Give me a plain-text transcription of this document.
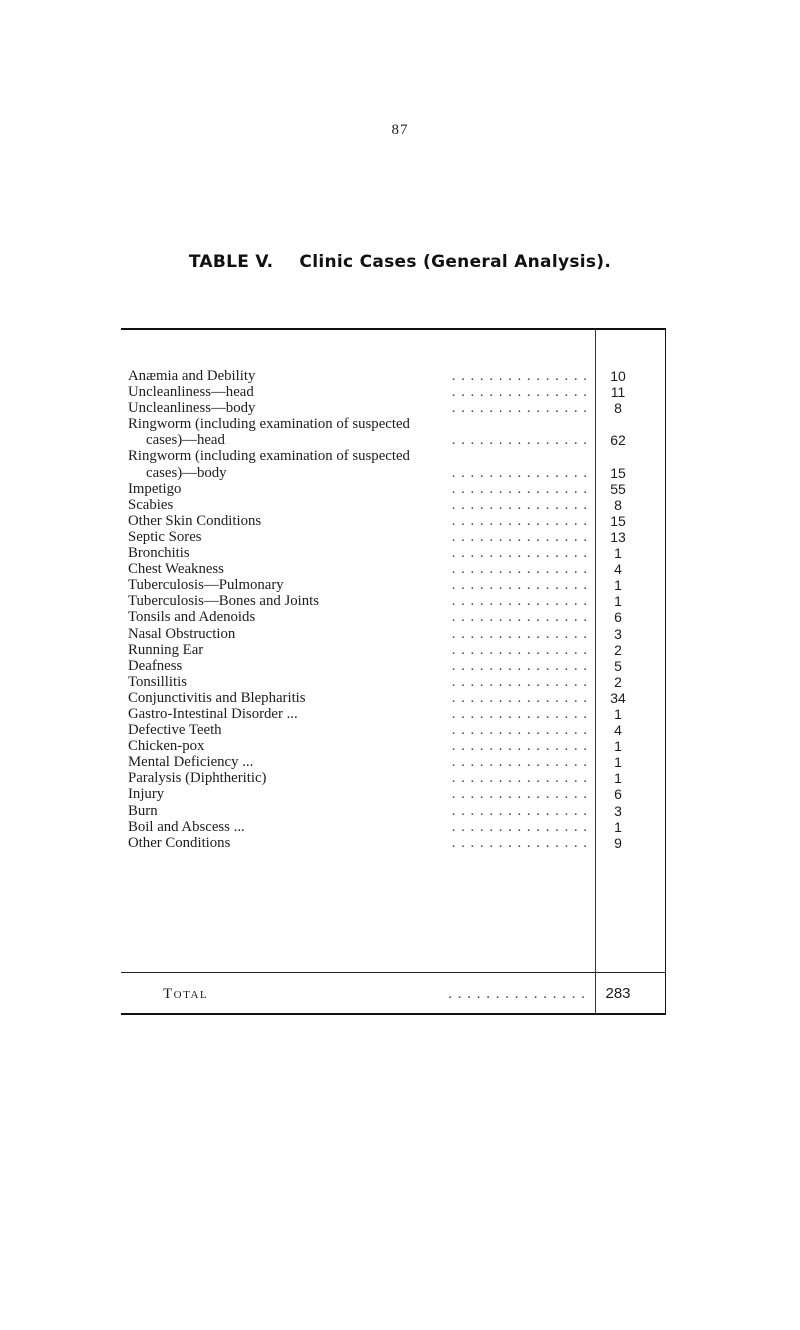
87
TABLE V. Clinic Cases (General Analysis).
Anæmia and Debility	. . . . . . . . . . . . . . .	10
Uncleanliness—head	. . . . . . . . . . . . . . .	11
Uncleanliness—body	. . . . . . . . . . . . . . .	8
Ringworm (including examination of suspected
cases)—head	. . . . . . . . . . . . . . .	62
Ringworm (including examination of suspected
cases)—body	. . . . . . . . . . . . . . .	15
Impetigo	. . . . . . . . . . . . . . .	55
Scabies	. . . . . . . . . . . . . . .	8
Other Skin Conditions	. . . . . . . . . . . . . . .	15
Septic Sores	. . . . . . . . . . . . . . .	13
Bronchitis	. . . . . . . . . . . . . . .	1
Chest Weakness	. . . . . . . . . . . . . . .	4
Tuberculosis—Pulmonary	. . . . . . . . . . . . . . .	1
Tuberculosis—Bones and Joints	. . . . . . . . . . . . . . .	1
Tonsils and Adenoids	. . . . . . . . . . . . . . .	6
Nasal Obstruction	. . . . . . . . . . . . . . .	3
Running Ear	. . . . . . . . . . . . . . .	2
Deafness	. . . . . . . . . . . . . . .	5
Tonsillitis	. . . . . . . . . . . . . . .	2
Conjunctivitis and Blepharitis	. . . . . . . . . . . . . . .	34
Gastro-Intestinal Disorder ...	. . . . . . . . . . . . . . .	1
Defective Teeth	. . . . . . . . . . . . . . .	4
Chicken-pox	. . . . . . . . . . . . . . .	1
Mental Deficiency ...	. . . . . . . . . . . . . . .	1
Paralysis (Diphtheritic)	. . . . . . . . . . . . . . .	1
Injury	. . . . . . . . . . . . . . .	6
Burn	. . . . . . . . . . . . . . .	3
Boil and Abscess ...	. . . . . . . . . . . . . . .	1
Other Conditions	. . . . . . . . . . . . . . .	9
Total	. . . . . . . . . . . . . . .	283
